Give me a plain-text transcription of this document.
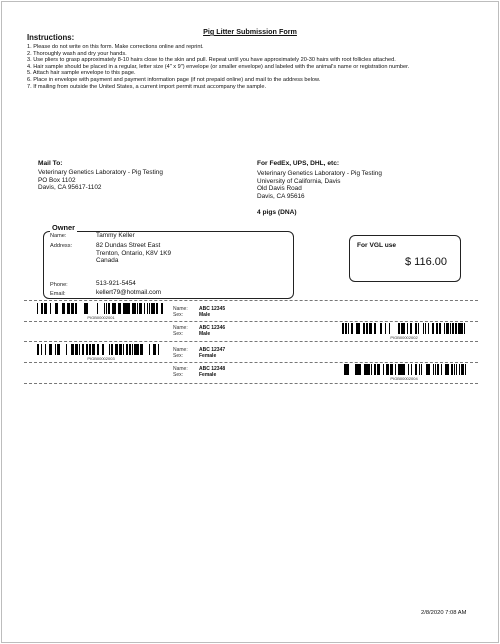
Pig Litter Submission Form
Instructions:
1. Please do not write on this form. Make corrections online and reprint.
2. Thoroughly wash and dry your hands.
3. Use pliers to grasp approximately 8-10 hairs close to the skin and pull. Repeat until you have approximately 20-30 hairs with root follicles attached.
4. Hair sample should be placed in a regular, letter size (4" x 9") envelope (or smaller envelope) and labeled with the animal's name or registration number.
5. Attach hair sample envelope to this page.
6. Place in envelope with payment and payment information page (if not prepaid online) and mail to the address below.
7. If mailing from outside the United States, a current import permit must accompany the sample.
Mail To:
Veterinary Genetics Laboratory - Pig Testing
PO Box 1102
Davis, CA 95617-1102
For FedEx, UPS, DHL, etc:
Veterinary Genetics Laboratory - Pig Testing
University of California, Davis
Old Davis Road
Davis, CA 95616
4 pigs (DNA)
Owner
Name:	Tammy Keller
Address:	82 Dundas Street East
Trenton, Ontario, K8V 1K9
Canada
Phone:	513-921-5454
Email:	kellert79@hotmail.com
For VGL use
$ 116.00
PIGB00002001
Name: ABC 12345
Sex:	Male
Name: ABC 12346
Sex:	Male
PIGB00002002
PIGB00002003
Name: ABC 12347
Sex:	Female
Name: ABC 12348
Sex:	Female
PIGB00002004
2/8/2020 7:08 AM
